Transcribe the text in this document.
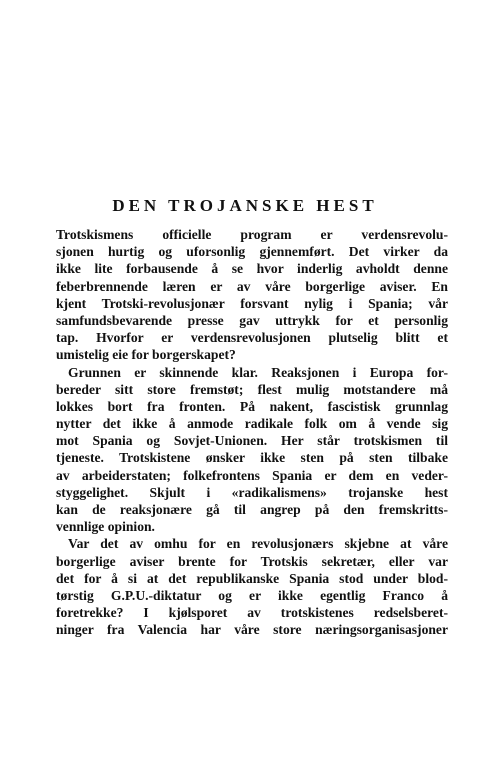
DEN TROJANSKE HEST
Trotskismens officielle program er verdensrevolu-
sjonen hurtig og uforsonlig gjennemført. Det virker da
ikke lite forbausende å se hvor inderlig avholdt denne
feberbrennende læren er av våre borgerlige aviser. En
kjent Trotski-revolusjonær forsvant nylig i Spania; vår
samfundsbevarende presse gav uttrykk for et personlig
tap. Hvorfor er verdensrevolusjonen plutselig blitt et
umistelig eie for borgerskapet?
Grunnen er skinnende klar. Reaksjonen i Europa for-
bereder sitt store fremstøt; flest mulig motstandere må
lokkes bort fra fronten. På nakent, fascistisk grunnlag
nytter det ikke å anmode radikale folk om å vende sig
mot Spania og Sovjet-Unionen. Her står trotskismen til
tjeneste. Trotskistene ønsker ikke sten på sten tilbake
av arbeiderstaten; folkefrontens Spania er dem en veder-
styggelighet. Skjult i «radikalismens» trojanske hest
kan de reaksjonære gå til angrep på den fremskritts-
vennlige opinion.
Var det av omhu for en revolusjonærs skjebne at våre
borgerlige aviser brente for Trotskis sekretær, eller var
det for å si at det republikanske Spania stod under blod-
tørstig G.P.U.-diktatur og er ikke egentlig Franco å
foretrekke? I kjølsporet av trotskistenes redselsberet-
ninger fra Valencia har våre store næringsorganisasjoner
